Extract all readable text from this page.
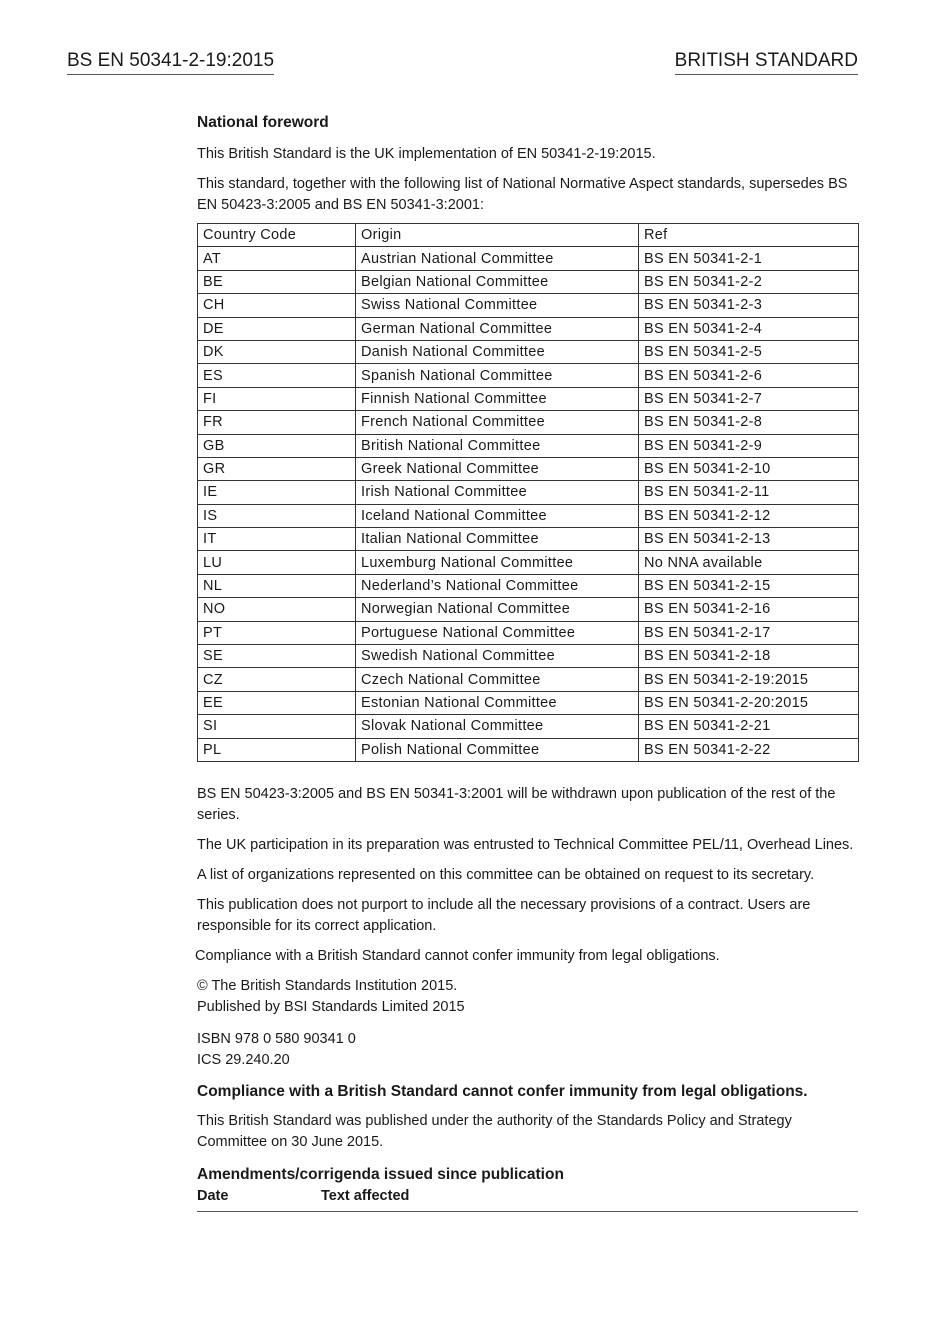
BS EN 50341-2-19:2015	BRITISH STANDARD
National foreword

This British Standard is the UK implementation of EN 50341-2-19:2015.

This standard, together with the following list of National Normative Aspect standards, supersedes BS EN 50423-3:2005 and BS EN 50341-3:2001:

Country Code	Origin	Ref
AT	Austrian National Committee	BS EN 50341-2-1
BE	Belgian National Committee	BS EN 50341-2-2
CH	Swiss National Committee	BS EN 50341-2-3
DE	German National Committee	BS EN 50341-2-4
DK	Danish National Committee	BS EN 50341-2-5
ES	Spanish National Committee	BS EN 50341-2-6
FI	Finnish National Committee	BS EN 50341-2-7
FR	French National Committee	BS EN 50341-2-8
GB	British National Committee	BS EN 50341-2-9
GR	Greek National Committee	BS EN 50341-2-10
IE	Irish National Committee	BS EN 50341-2-11
IS	Iceland National Committee	BS EN 50341-2-12
IT	Italian National Committee	BS EN 50341-2-13
LU	Luxemburg National Committee	No NNA available
NL	Nederland’s National Committee	BS EN 50341-2-15
NO	Norwegian National Committee	BS EN 50341-2-16
PT	Portuguese National Committee	BS EN 50341-2-17
SE	Swedish National Committee	BS EN 50341-2-18
CZ	Czech National Committee	BS EN 50341-2-19:2015
EE	Estonian National Committee	BS EN 50341-2-20:2015
SI	Slovak National Committee	BS EN 50341-2-21
PL	Polish National Committee	BS EN 50341-2-22

BS EN 50423-3:2005 and BS EN 50341-3:2001 will be withdrawn upon publication of the rest of the series.

The UK participation in its preparation was entrusted to Technical Committee PEL/11, Overhead Lines.

A list of organizations represented on this committee can be obtained on request to its secretary.

This publication does not purport to include all the necessary provisions of a contract. Users are responsible for its correct application.

Compliance with a British Standard cannot confer immunity from legal obligations.

© The British Standards Institution 2015.

Published by BSI Standards Limited 2015

ISBN 978 0 580 90341 0

ICS 29.240.20

Compliance with a British Standard cannot confer immunity from legal obligations.

This British Standard was published under the authority of the Standards Policy and Strategy Committee on 30 June 2015.

Amendments/corrigenda issued since publication
Date	Text affected
